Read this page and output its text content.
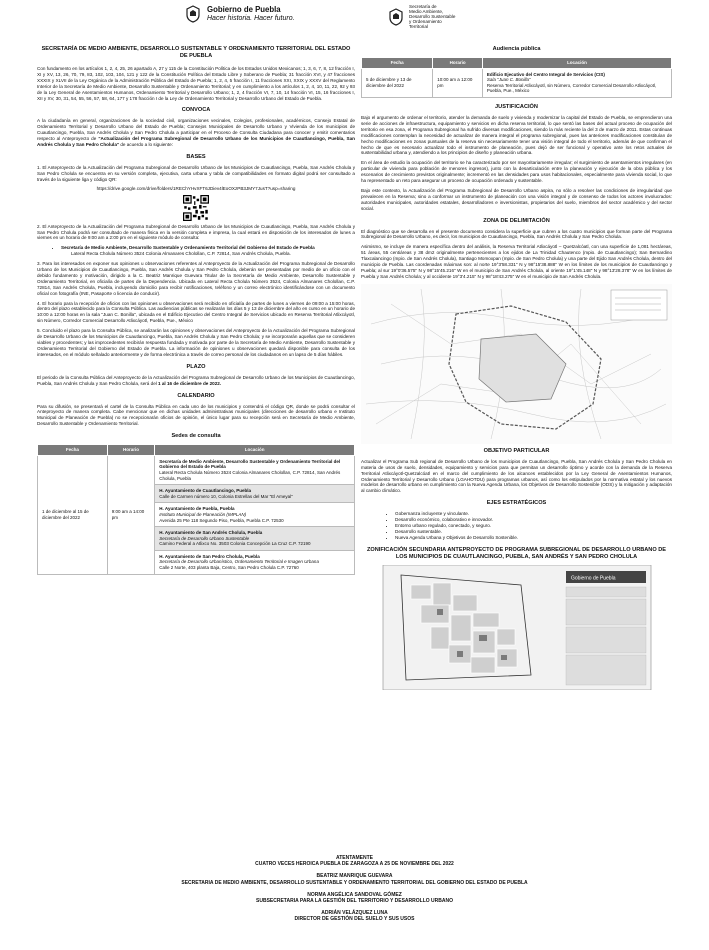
Gobierno de Puebla
Hacer historia. Hacer futuro.
Secretaría de
Medio Ambiente,
Desarrollo Sustentable
y Ordenamiento
Territorial
SECRETARÍA DE MEDIO AMBIENTE, DESARROLLO SUSTENTABLE Y ORDENAMIENTO TERRITORIAL DEL ESTADO DE PUEBLA

Con fundamento en los artículos 1, 2, 4, 25, 26 apartado A, 27 y 115 de la Constitución Política de los Estados Unidos Mexicanos; 1, 3, 6, 7, 8, 12 fracción I, XI y XV, 13, 26, 70, 79, 83, 102, 103, 104, 121 y 122 de la Constitución Política del Estado Libre y Soberano de Puebla; 31 fracción XVI, y 47 fracciones XXXIX y XLVII de la Ley Orgánica de la Administración Pública del Estado de Puebla; 1, 2, 4, 5 fracción I, 11 fracciones XXI, XXIX y XXXV del Reglamento Interior de la Secretaría de Medio Ambiente, Desarrollo Sustentable y Ordenamiento Territorial; y en cumplimiento a los artículos 1, 2, 4, 10, 11, 22, 92 y 93 de la Ley General de Asentamientos Humanos, Ordenamiento Territorial y Desarrollo Urbano; 1, 2, 4 fracción VI, 7, 10, 14 fracción VI, 15, 16 fracciones I, XII y XV, 30, 31, 54, 55, 56, 57, 58, 64, 177 y 178 fracción I de la Ley de Ordenamiento Territorial y Desarrollo Urbano del Estado de Puebla.

CONVOCA

A la ciudadanía en general, organizaciones de la sociedad civil, organizaciones vecinales, Colegios, profesionales, académicos, Consejo Estatal de Ordenamiento Territorial y Desarrollo Urbano del Estado de Puebla; Consejos Municipales de Desarrollo Urbano y Vivienda de los municipios de Cuautlancingo, Puebla, San Andrés Cholula y San Pedro Cholula a participar en el Proceso de Consulta Ciudadana para conocer y emitir comentarios respecto al Anteproyecto de "Actualización del Programa Subregional de Desarrollo Urbano de los Municipios de Cuautlancingo, Puebla, San Andrés Cholula y San Pedro Cholula" de acuerdo a lo siguiente:

BASES

1. El Anteproyecto de la Actualización del Programa Subregional de Desarrollo Urbano de los Municipios de Cuautlancingo, Puebla, San Andrés Cholula y San Pedro Cholula se encuentra en su versión completa, ejecutiva, carta urbana y tabla de compatibilidades en formato digital podrá ser consultado a través de la siguiente liga y código QR:

https://drive.google.com/drive/folders/1REChYHvXFT6JDiev4lEoOXzPB3JMY7JusT?usp=sharing

2. El Anteproyecto de la Actualización del Programa Subregional de Desarrollo Urbano de los Municipios de Cuautlancingo, Puebla, San Andrés Cholula y San Pedro Cholula podrá ser consultado de manera física en la versión completa e impresa, la cual estará en disposición de los interesados de lunes a viernes en un horario de 9:00 am a 2:00 pm en el siguiente módulo de consulta:

• Secretaría de Medio Ambiente, Desarrollo Sustentable y Ordenamiento Territorial del Gobierno del Estado de Puebla

Lateral Recta Cholula Número 3524 Colonia Almanares Cholollan, C.P. 72814, San Andrés Cholula, Puebla.

3. Para los interesados en exponer sus opiniones u observaciones referentes al Anteproyecto de la Actualización del Programa Subregional de Desarrollo Urbano de los Municipios de Cuautlancingo, Puebla, San Andrés Cholula y San Pedro Cholula, deberán ser presentadas por medio de un oficio con el debido fundamento y motivación, dirigido a la C. Beatriz Manrique Guevara Titular de la Secretaría de Medio Ambiente, Desarrollo Sustentable y Ordenamiento Territorial, en oficialía de partes de la Dependencia. Ubicada en Lateral Recta Cholula Número 3524, Colonia Almanares Cholollan, C.P. 72814, San Andrés Cholula, Puebla, incluyendo domicilio para recibir notificaciones, teléfono y un correo electrónico identificándose con un documento oficial con fotografía (INE, Pasaporte o licencia de conducir).

4. El horario para la recepción de oficios con las opiniones u observaciones será recibido en oficialía de partes de lunes a viernes de 09:00 a 15:00 horas, dentro del plazo establecido para la Consulta Pública. Las audiencias públicas se realizarán los días 5 y 13 de diciembre del año en curso en un horario de 10:00 a 12:00 horas en la sala "Juan C. Bonilla", ubicada en el Edificio Ejecutivo del Centro Integral de Servicios ubicado en Reserva Territorial Atlixcáyotl, sin Número, Corredor Comercial Desarrollo Atlixcáyotl, Puebla, Pue., México

5. Concluido el plazo para la Consulta Pública, se analizarán las opiniones y observaciones del Anteproyecto de la Actualización del Programa Subregional de Desarrollo Urbano de los Municipios de Cuautlancingo, Puebla, San Andrés Cholula y San Pedro Cholula; y se incorporarán aquellas que se consideren viables y procedentes; y las improcedentes recibirán respuesta fundada y motivada por parte de la Secretaría de Medio Ambiente, Desarrollo Sustentable y Ordenamiento Territorial del Gobierno del Estado de Puebla. La información de opiniones u observaciones quedará disponible para consulta de los interesados, en el módulo señalado anteriormente y de forma electrónica a través de correo personal de los ciudadanos en un lapso de 5 días hábiles.

PLAZO

El periodo de la Consulta Pública del Anteproyecto de la Actualización del Programa Subregional de Desarrollo Urbano de los Municipios de Cuautlancingo, Puebla, San Andrés Cholula y San Pedro Cholula, será del 1 al 16 de diciembre de 2022.

CALENDARIO

Para su difusión, se presentará el cartel de la Consulta Pública en cada uno de los municipios y contendrá el código QR, donde se podrá consultar el Anteproyecto de manera completa. Cabe mencionar que en dichas unidades administrativas municipales (direcciones de desarrollo urbano e Instituto Municipal de Planeación de Puebla) no se recepcionarán oficios de opinión, el único lugar para su recepción será en Secretaría de Medio Ambiente, Desarrollo Sustentable y Ordenamiento Territorial.

Sedes de consulta
Fecha	Horario	Locación
1 de diciembre al 15 de diciembre del 2022	9:00 am a 14:00 pm	Secretaría de Medio Ambiente, Desarrollo Sustentable y Ordenamiento Territorial del Gobierno del Estado de Puebla
Lateral Recta Cholula Número 3524 Colonia Almanares Cholollan, C.P. 72814, San Andrés Cholula, Puebla
		H. Ayuntamiento de Cuautlancingo, Puebla
Calle de Carmen número 10, Colonia Estrellas del Mar "El Ameyal"
		H. Ayuntamiento de Puebla, Puebla
Instituto Municipal de Planeación (IMPLAN)
Avenida 25 Pte 118 Segundo Piso, Puebla, Puebla C.P. 72530
		H. Ayuntamiento de San Andrés Cholula, Puebla
Secretaría de Desarrollo Urbano Sustentable
Camino Federal a Atlixco No. 3503 Colonia Concepción La Cruz C.P. 72190
		H. Ayuntamiento de San Pedro Cholula, Puebla
Secretaría de Desarrollo Urbanístico, Ordenamiento Territorial e Imagen Urbana
Calle 2 Norte, 403 planta Baja, Centro, San Pedro Cholula C.P. 72760
Audiencia pública
Fecha	Horario	Locación
5 de diciembre y 13 de diciembre del 2022	10:00 am a 12:00 pm	Edificio Ejecutivo del Centro Integral de Servicios (CIS)
Sala "Juan C. Bonilla"
Reserva Territorial Atlixcáyotl, sin Número, Corredor Comercial Desarrollo Atlixcáyotl, Puebla, Pue., México
JUSTIFICACIÓN

Bajo el argumento de ordenar el territorio, atender la demanda de suelo y vivienda y modernizar la capital del Estado de Puebla, se emprendieron una serie de acciones de infraestructura, equipamiento y servicios en dicha reserva territorial, lo que sentó las bases del actual proceso de ocupación del territorio en esa zona, el Programa Subregional ha sufrido diversas modificaciones, siendo la más reciente la del 3 de marzo de 2011. Estas continuas modificaciones contemplan la necesidad de actualizar de manera integral el programa subregional, pues las anteriores modificaciones constituían de hecho modificaciones en zonas puntuales de la reserva sin necesariamente tener una visión integral de todo el territorio, además de que confirman el hecho de que es necesario actualizar todo el instrumento de planeación, pues dejó de ser funcional y operativo ante los retos actuales de sustentabilidad urbana y, atendiendo a los principios de diseño y planeación urbana.

En el área de estudio la ocupación del territorio se ha caracterizado por ser mayoritariamente irregular; el surgimiento de asentamientos irregulares (en particular de vivienda para población de menores ingresos), junto con la desarticulación entre la planeación y ejecución de la obra pública y los escenarios de crecimiento previstos originalmente; incrementó en las densidades para usos habitacionales, especialmente para vivienda social, lo que ha representado un reto para asegurar un proceso de ocupación ordenado y sustentable.

Bajo este contexto, la Actualización del Programa Subregional de Desarrollo Urbano aspira, no sólo a resolver las condiciones de irregularidad que prevalecen en la Reserva; sino a conformar un instrumento de planeación con una visión integral y de consenso de todos los actores involucrados: autoridades municipales, autoridades estatales, desarrolladores e inversionistas, propietarios del suelo, miembros del sector académico y del sector social.

ZONA DE DELIMITACIÓN

El diagnóstico que se desarrolla en el presente documento considera la superficie que cubren a los cuatro municipios que forman parte del Programa Subregional de Desarrollo Urbano, es decir, los municipios de Cuautlancingo, Puebla, San Andrés Cholula y San Pedro Cholula.

Asimismo, se incluye de manera específica dentro del análisis, la Reserva Territorial Atlixcáyotl – Quetzalcóatl, con una superficie de 1,081 hectáreas, 51 áreas, 55 centiáreas y 38 dm2 originalmente pertenecientes a los ejidos de La Trinidad Chautenco (mpio. de Cuautlancingo); San Bernardino Tlaxcalancingo (mpio. de San Andrés Cholula), Santiago Momoxpan (mpio. de San Pedro Cholula) y una parte del Ejido San Andrés Cholula, dentro del municipio de Puebla. Las coordenadas máximas son: al norte 19°3'58.331" N y 98°15'38.888" W en los límites de los municipios de Cuautlancingo y Puebla; al sur 19°0'36.575" N y 98°15'45.216" W en el municipio de San Andrés Cholula, al oriente 19°1'45.148" N y 98°13'28.378" W en los límites de Puebla y San Andrés Cholula; y al occidente 19°3'4.215" N y 98°18'43.275" W en el municipio de San Andrés Cholula.

OBJETIVO PARTICULAR

Actualizar el Programa Sub regional de Desarrollo Urbano de los municipios de Cuautlancingo, Puebla, San Andrés Cholula y San Pedro Cholula en materia de usos de suelo, densidades, equipamiento y servicios para que permitan un desarrollo óptimo y acorde con la demanda de la Reserva Territorial Atlixcáyotl-Quetzalcóatl en el marco del cumplimiento de los alcances establecidos por la Ley General de Asentamientos Humanos, Ordenamiento Territorial y Desarrollo Urbano (LGAHOTDU) para programas urbanos, así como los estipulados por la normativa estatal y los nuevos modelos de desarrollo urbano en cumplimiento con la Nueva Agenda Urbana, los Objetivos de Desarrollo Sostenible (ODS) y la mitigación y adaptación al cambio climático.

EJES ESTRATÉGICOS
• Gobernanza incluyente y vinculante.
• Desarrollo económico, colaborativo e innovador.
• Entorno urbano regulado, conectado, y seguro.
• Desarrollo sustentable.
• Nueva Agenda Urbana y Objetivos de Desarrollo Sostenible.
ZONIFICACIÓN SECUNDARIA ANTEPROYECTO DE PROGRAMA SUBREGIONAL DE DESARROLLO URBANO DE LOS MUNICIPIOS DE CUAUTLANCINGO, PUEBLA, SAN ANDRÉS Y SAN PEDRO CHOLULA
Gobierno de Puebla
ATENTAMENTE
CUATRO VECES HEROICA PUEBLA DE ZARAGOZA A 25 DE NOVIEMBRE DEL 2022
BEATRIZ MANRIQUE GUEVARA
SECRETARIA DE MEDIO AMBIENTE, DESARROLLO SUSTENTABLE Y ORDENAMIENTO TERRITORIAL DEL GOBIERNO DEL ESTADO DE PUEBLA
NORMA ANGÉLICA SANDOVAL GÓMEZ
SUBSECRETARIA PARA LA GESTIÓN DEL TERRITORIO Y DESARROLLO URBANO
ADRIÁN VELÁZQUEZ LUNA
DIRECTOR DE GESTIÓN DEL SUELO Y SUS USOS
